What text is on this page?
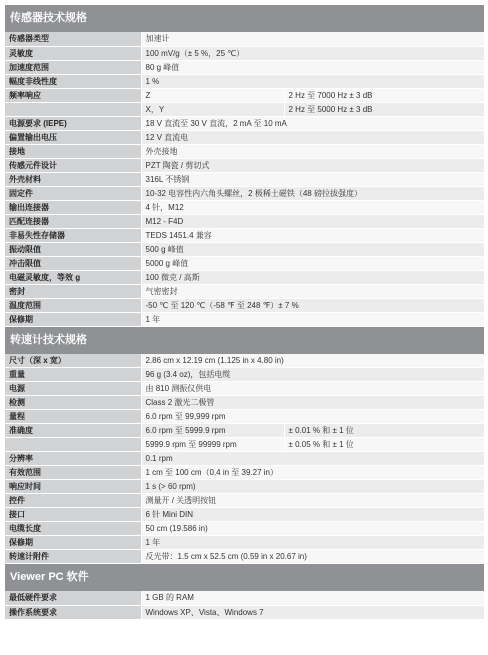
传感器技术规格
传感器类型	加速计	
灵敏度	100 mV/g（± 5 %，25 ℃）	
加速度范围	80 g 峰值	
幅度非线性度	1 %	
频率响应	Z	2 Hz 至 7000 Hz ± 3 dB
	X，Y	2 Hz 至 5000 Hz ± 3 dB
电源要求 (IEPE)	18 V 直流至 30 V 直流，2 mA 至 10 mA	
偏置输出电压	12 V 直流电	
接地	外壳接地	
传感元件设计	PZT 陶瓷 / 剪切式	
外壳材料	316L 不锈钢	
固定件	10-32 电容性内六角头螺丝，2 极稀土磁铁（48 磅拉拔强度）	
输出连接器	4 针，M12	
匹配连接器	M12 - F4D	
非易失性存储器	TEDS 1451.4 兼容	
振动限值	500 g 峰值	
冲击限值	5000 g 峰值	
电磁灵敏度，等效 g	100 微克 / 高斯	
密封	气密密封	
温度范围	-50 ℃ 至 120 ℃（-58 ℉ 至 248 ℉）± 7 %	
保修期	1 年	
转速计技术规格
尺寸（深 x 宽）	2.86 cm x 12.19 cm (1.125 in x 4.80 in)	
重量	96 g (3.4 oz)，包括电缆	
电源	由 810 测振仪供电	
检测	Class 2 激光二极管	
量程	6.0 rpm 至 99,999 rpm	
准确度	6.0 rpm 至 5999.9 rpm	± 0.01 % 和 ± 1 位
	5999.9 rpm 至 99999 rpm	± 0.05 % 和 ± 1 位
分辨率	0.1 rpm	
有效范围	1 cm 至 100 cm（0.4 in 至 39.27 in）	
响应时间	1 s (> 60 rpm)	
控件	测量开 / 关透明按钮	
接口	6 针 Mini DIN	
电缆长度	50 cm (19.586 in)	
保修期	1 年	
转速计附件	反光带：1.5 cm x 52.5 cm (0.59 in x 20.67 in)	
Viewer PC 软件
最低硬件要求	1 GB 的 RAM
操作系统要求	Windows XP、Vista、Windows 7
